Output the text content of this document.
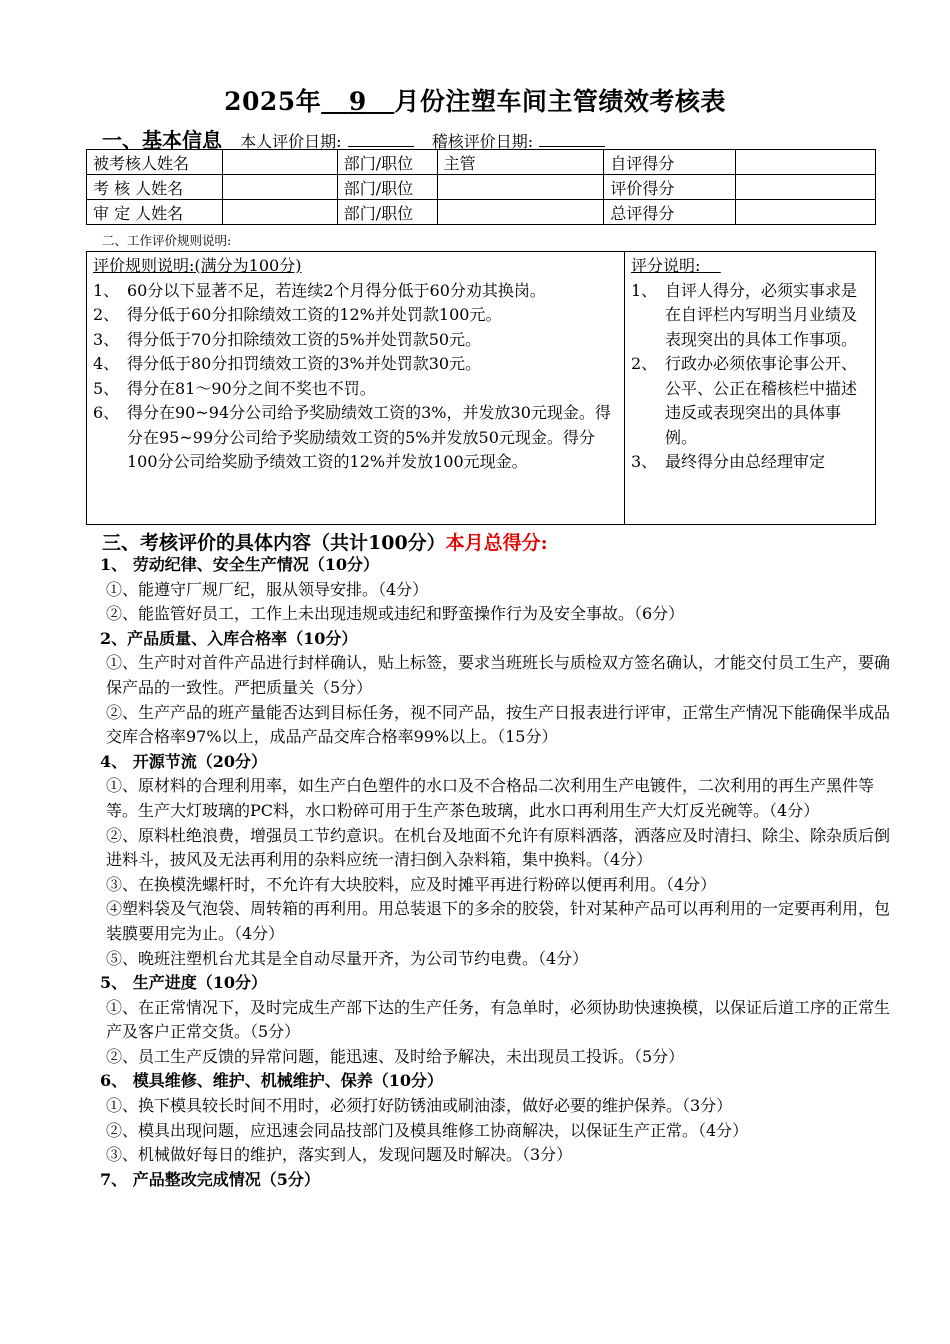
2025年 9 月份注塑车间主管绩效考核表
一、基本信息 本人评价日期:	稽核评价日期:
被考核人姓名		部门/职位	主管	自评得分	
考 核 人姓名		部门/职位		评价得分	
审 定 人姓名		部门/职位		总评得分	
二、工作评价规则说明:
评价规则说明:(满分为100分)
1、 60分以下显著不足，若连续2个月得分低于60分劝其换岗。
2、 得分低于60分扣除绩效工资的12%并处罚款100元。
3、 得分低于70分扣除绩效工资的5%并处罚款50元。
4、 得分低于80分扣罚绩效工资的3%并处罚款30元。
5、 得分在81～90分之间不奖也不罚。
6、 得分在90~94分公司给予奖励绩效工资的3%，并发放30元现金。得分在95~99分公司给予奖励绩效工资的5%并发放50元现金。得分100分公司给奖励予绩效工资的12%并发放100元现金。
评分说明:
1、 自评人得分，必须实事求是在自评栏内写明当月业绩及表现突出的具体工作事项。
2、 行政办必须依事论事公开、公平、公正在稽核栏中描述违反或表现突出的具体事例。
3、 最终得分由总经理审定
三、考核评价的具体内容（共计100分）本月总得分:

1、 劳动纪律、安全生产情况（10分）

①、能遵守厂规厂纪，服从领导安排。（4分）

②、能监管好员工，工作上未出现违规或违纪和野蛮操作行为及安全事故。（6分）

2、产品质量、入库合格率（10分）

①、生产时对首件产品进行封样确认，贴上标签，要求当班班长与质检双方签名确认，才能交付员工生产，要确保产品的一致性。严把质量关（5分）

②、生产产品的班产量能否达到目标任务，视不同产品，按生产日报表进行评审，正常生产情况下能确保半成品交库合格率97%以上，成品产品交库合格率99%以上。（15分）

4、 开源节流（20分）

①、原材料的合理利用率，如生产白色塑件的水口及不合格品二次利用生产电镀件，二次利用的再生产黑件等等。生产大灯玻璃的PC料，水口粉碎可用于生产茶色玻璃，此水口再利用生产大灯反光碗等。（4分）

②、原料杜绝浪费，增强员工节约意识。在机台及地面不允许有原料洒落，洒落应及时清扫、除尘、除杂质后倒进料斗，披风及无法再利用的杂料应统一清扫倒入杂料箱，集中换料。（4分）

③、在换模洗螺杆时，不允许有大块胶料，应及时摊平再进行粉碎以便再利用。（4分）

④塑料袋及气泡袋、周转箱的再利用。用总装退下的多余的胶袋，针对某种产品可以再利用的一定要再利用，包装膜要用完为止。（4分）

⑤、晚班注塑机台尤其是全自动尽量开齐，为公司节约电费。（4分）

5、 生产进度（10分）

①、在正常情况下，及时完成生产部下达的生产任务，有急单时，必须协助快速换模，以保证后道工序的正常生产及客户正常交货。（5分）

②、员工生产反馈的异常问题，能迅速、及时给予解决，未出现员工投诉。（5分）

6、 模具维修、维护、机械维护、保养（10分）

①、换下模具较长时间不用时，必须打好防锈油或刷油漆，做好必要的维护保养。（3分）

②、模具出现问题，应迅速会同品技部门及模具维修工协商解决，以保证生产正常。（4分）

③、机械做好每日的维护，落实到人，发现问题及时解决。（3分）

7、 产品整改完成情况（5分）
